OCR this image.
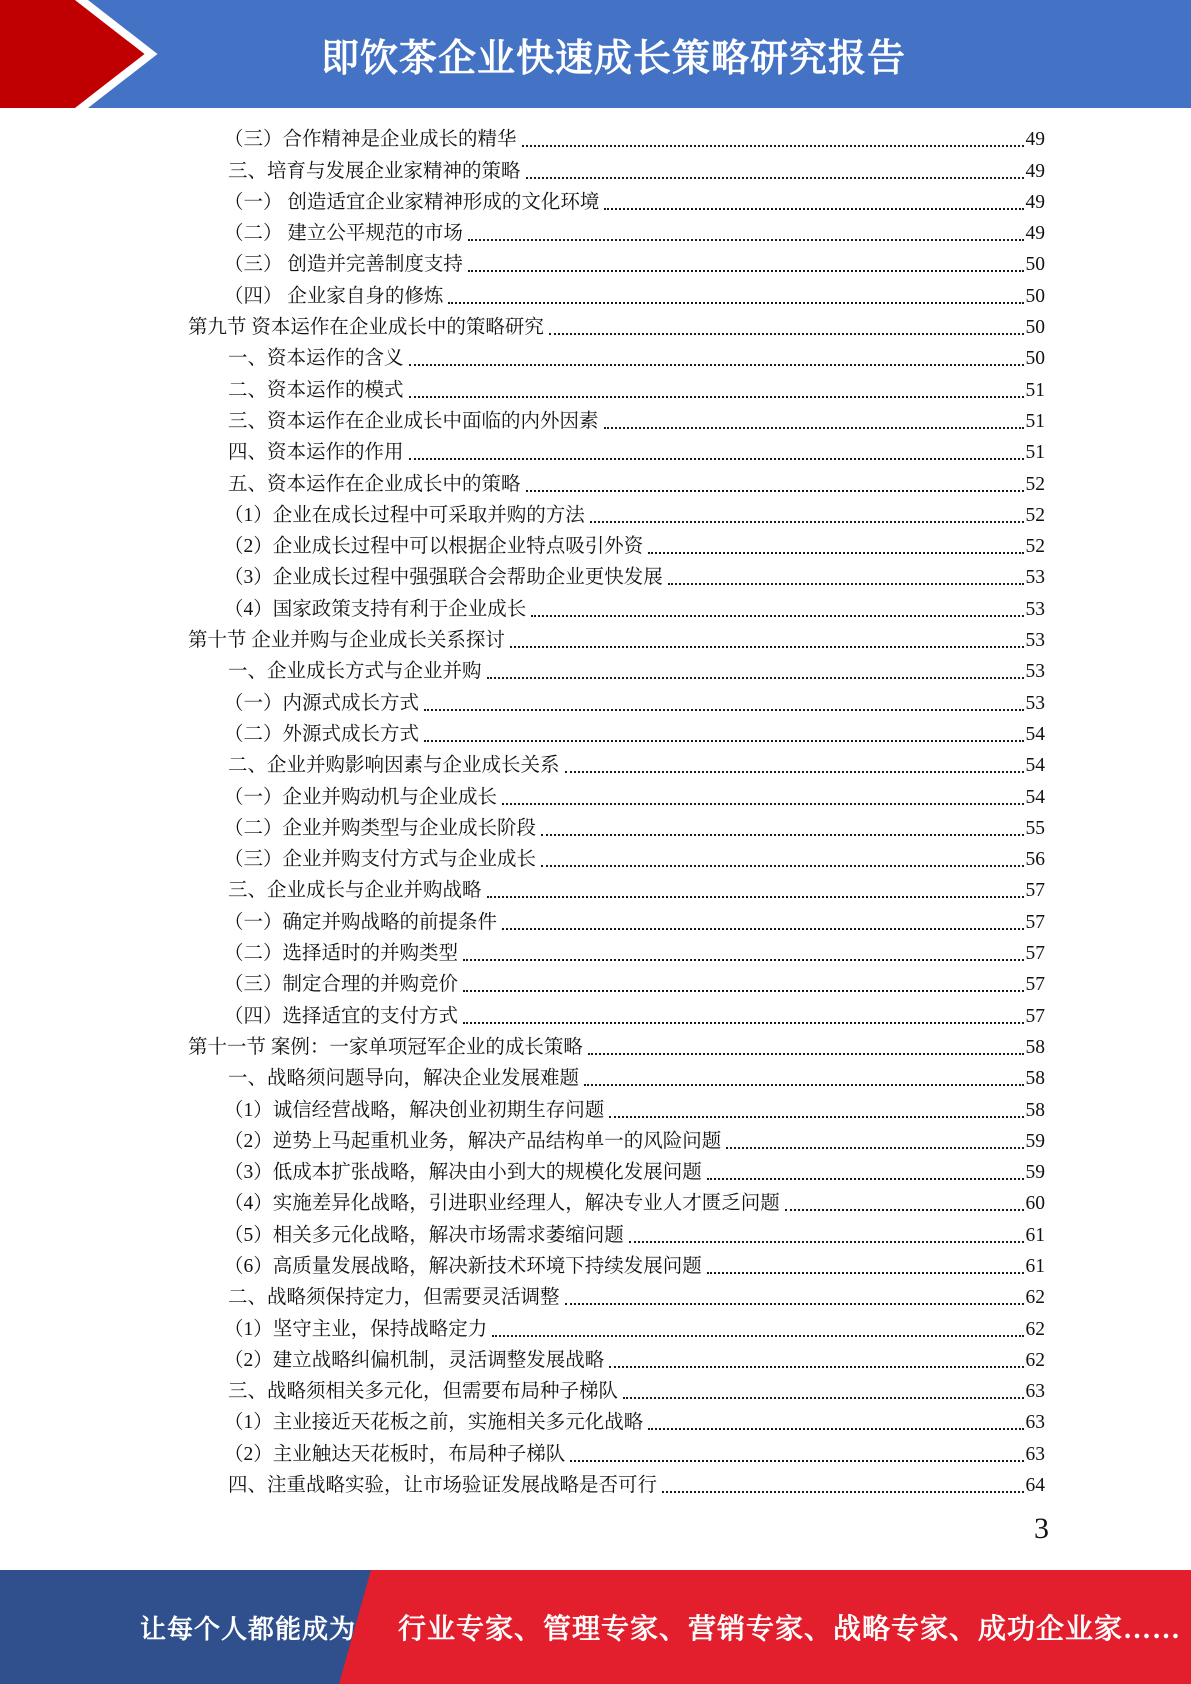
即饮茶企业快速成长策略研究报告
（三）合作精神是企业成长的精华	49
三、培育与发展企业家精神的策略	49
（一） 创造适宜企业家精神形成的文化环境	49
（二） 建立公平规范的市场	49
（三） 创造并完善制度支持	50
（四） 企业家自身的修炼	50
第九节 资本运作在企业成长中的策略研究	50
一、资本运作的含义	50
二、资本运作的模式	51
三、资本运作在企业成长中面临的内外因素	51
四、资本运作的作用	51
五、资本运作在企业成长中的策略	52
（1）企业在成长过程中可采取并购的方法	52
（2）企业成长过程中可以根据企业特点吸引外资	52
（3）企业成长过程中强强联合会帮助企业更快发展	53
（4）国家政策支持有利于企业成长	53
第十节 企业并购与企业成长关系探讨	53
一、企业成长方式与企业并购	53
（一）内源式成长方式	53
（二）外源式成长方式	54
二、企业并购影响因素与企业成长关系	54
（一）企业并购动机与企业成长	54
（二）企业并购类型与企业成长阶段	55
（三）企业并购支付方式与企业成长	56
三、企业成长与企业并购战略	57
（一）确定并购战略的前提条件	57
（二）选择适时的并购类型	57
（三）制定合理的并购竞价	57
（四）选择适宜的支付方式	57
第十一节 案例：一家单项冠军企业的成长策略	58
一、战略须问题导向，解决企业发展难题	58
（1）诚信经营战略，解决创业初期生存问题	58
（2）逆势上马起重机业务，解决产品结构单一的风险问题	59
（3）低成本扩张战略，解决由小到大的规模化发展问题	59
（4）实施差异化战略，引进职业经理人，解决专业人才匮乏问题	60
（5）相关多元化战略，解决市场需求萎缩问题	61
（6）高质量发展战略，解决新技术环境下持续发展问题	61
二、战略须保持定力，但需要灵活调整	62
（1）坚守主业，保持战略定力	62
（2）建立战略纠偏机制，灵活调整发展战略	62
三、战略须相关多元化，但需要布局种子梯队	63
（1）主业接近天花板之前，实施相关多元化战略	63
（2）主业触达天花板时，布局种子梯队	63
四、注重战略实验，让市场验证发展战略是否可行	64
3
让每个人都能成为 行业专家、管理专家、营销专家、战略专家、成功企业家……
